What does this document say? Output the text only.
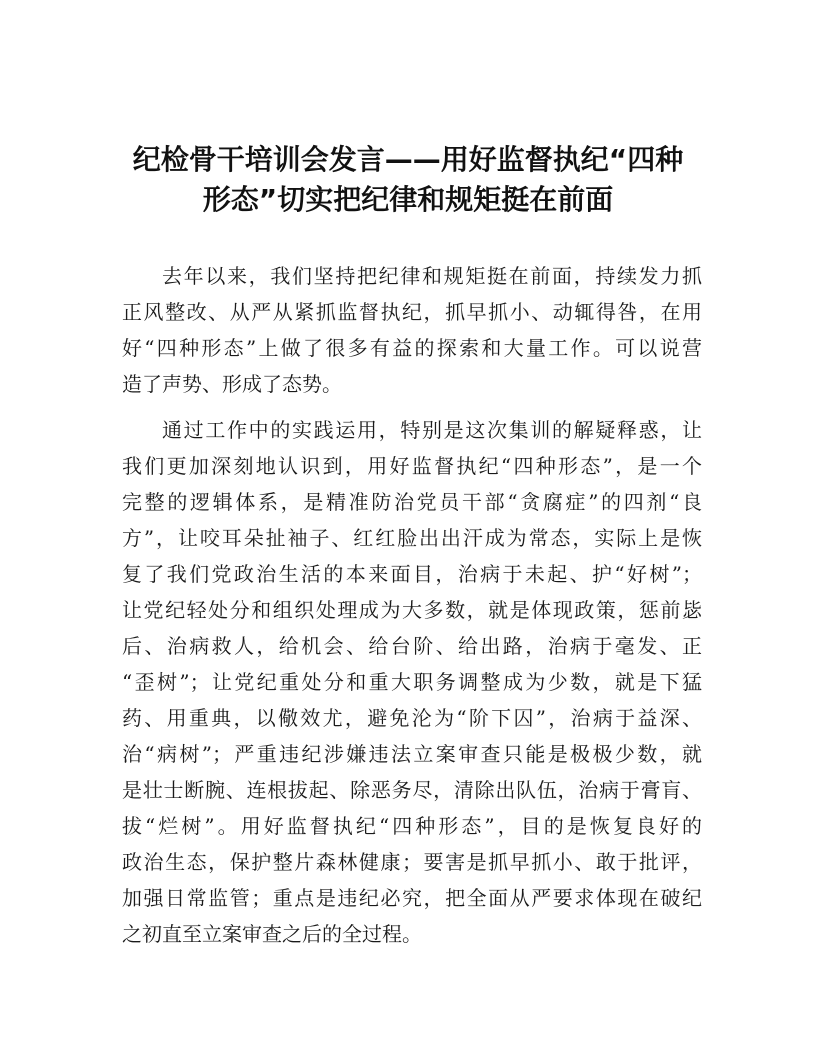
纪检骨干培训会发言——用好监督执纪“四种
形态”切实把纪律和规矩挺在前面

去年以来，我们坚持把纪律和规矩挺在前面，持续发力抓
正风整改、从严从紧抓监督执纪，抓早抓小、动辄得咎，在用
好“四种形态”上做了很多有益的探索和大量工作。可以说营
造了声势、形成了态势。

通过工作中的实践运用，特别是这次集训的解疑释惑，让
我们更加深刻地认识到，用好监督执纪“四种形态”，是一个
完整的逻辑体系，是精准防治党员干部“贪腐症”的四剂“良
方”，让咬耳朵扯袖子、红红脸出出汗成为常态，实际上是恢
复了我们党政治生活的本来面目，治病于未起、护“好树”；
让党纪轻处分和组织处理成为大多数，就是体现政策，惩前毖
后、治病救人，给机会、给台阶、给出路，治病于毫发、正
“歪树”；让党纪重处分和重大职务调整成为少数，就是下猛
药、用重典，以儆效尤，避免沦为“阶下囚”，治病于益深、
治“病树”；严重违纪涉嫌违法立案审查只能是极极少数，就
是壮士断腕、连根拔起、除恶务尽，清除出队伍，治病于膏肓、
拔“烂树”。用好监督执纪“四种形态”，目的是恢复良好的
政治生态，保护整片森林健康；要害是抓早抓小、敢于批评，
加强日常监管；重点是违纪必究，把全面从严要求体现在破纪
之初直至立案审查之后的全过程。
